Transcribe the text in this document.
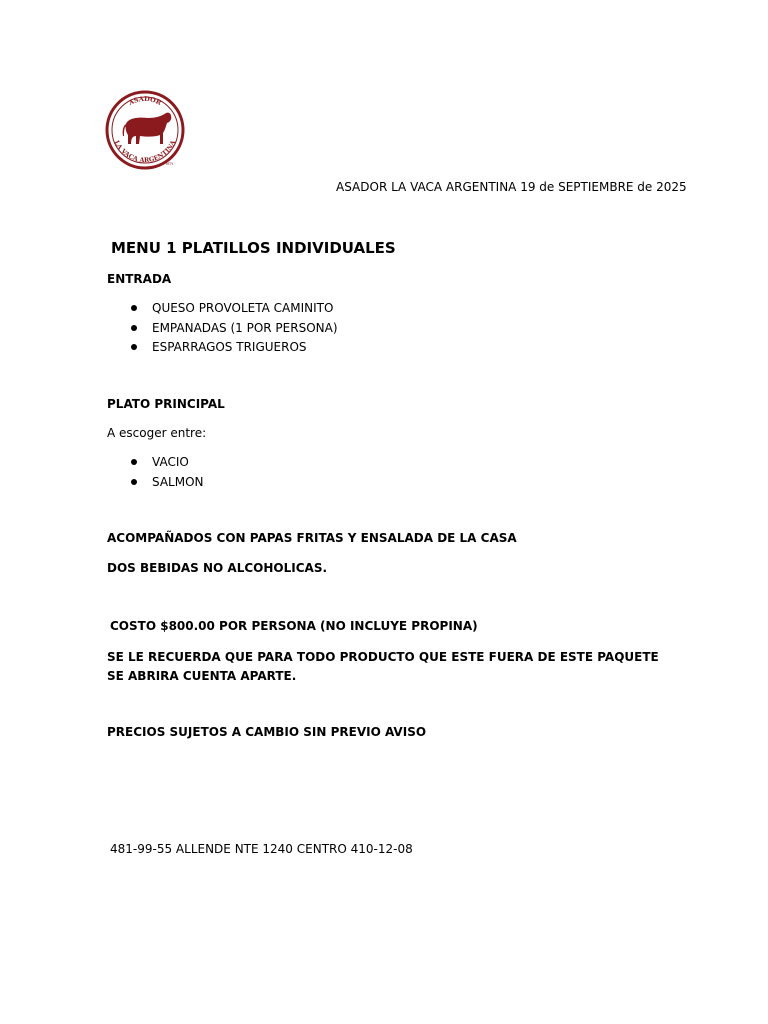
ASADOR
LA VACA ARGENTINA
MTY
ASADOR LA VACA ARGENTINA 19 de SEPTIEMBRE de 2025
MENU 1 PLATILLOS INDIVIDUALES
ENTRADA
QUESO PROVOLETA CAMINITO
EMPANADAS (1 POR PERSONA)
ESPARRAGOS TRIGUEROS
PLATO PRINCIPAL
A escoger entre:
VACIO
SALMON
ACOMPAÑADOS CON PAPAS FRITAS Y ENSALADA DE LA CASA
DOS BEBIDAS NO ALCOHOLICAS.
COSTO $800.00 POR PERSONA (NO INCLUYE PROPINA)
SE LE RECUERDA QUE PARA TODO PRODUCTO QUE ESTE FUERA DE ESTE PAQUETE SE ABRIRA CUENTA APARTE.
PRECIOS SUJETOS A CAMBIO SIN PREVIO AVISO
481-99-55 ALLENDE NTE 1240 CENTRO 410-12-08
